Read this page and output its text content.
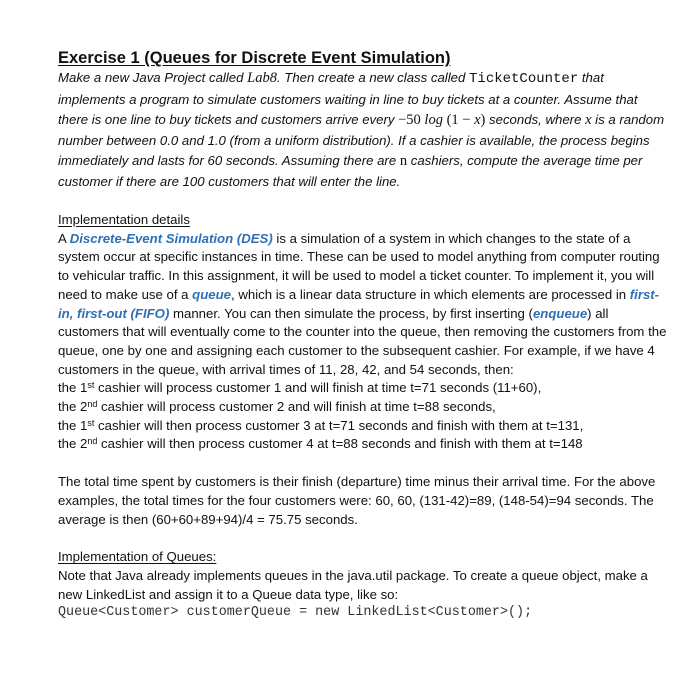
Exercise 1 (Queues for Discrete Event Simulation)

Make a new Java Project called Lab8. Then create a new class called TicketCounter that implements a program to simulate customers waiting in line to buy tickets at a counter. Assume that there is one line to buy tickets and customers arrive every −50 log (1 − x) seconds, where x is a random number between 0.0 and 1.0 (from a uniform distribution). If a cashier is available, the process begins immediately and lasts for 60 seconds. Assuming there are n cashiers, compute the average time per customer if there are 100 customers that will enter the line.

Implementation details

A Discrete-Event Simulation (DES) is a simulation of a system in which changes to the state of a system occur at specific instances in time. These can be used to model anything from computer routing to vehicular traffic. In this assignment, it will be used to model a ticket counter. To implement it, you will need to make use of a queue, which is a linear data structure in which elements are processed in first-in, first-out (FIFO) manner. You can then simulate the process, by first inserting (enqueue) all customers that will eventually come to the counter into the queue, then removing the customers from the queue, one by one and assigning each customer to the subsequent cashier. For example, if we have 4 customers in the queue, with arrival times of 11, 28, 42, and 54 seconds, then:

the 1st cashier will process customer 1 and will finish at time t=71 seconds (11+60),

the 2nd cashier will process customer 2 and will finish at time t=88 seconds,

the 1st cashier will then process customer 3 at t=71 seconds and finish with them at t=131,

the 2nd cashier will then process customer 4 at t=88 seconds and finish with them at t=148

The total time spent by customers is their finish (departure) time minus their arrival time. For the above examples, the total times for the four customers were: 60, 60, (131-42)=89, (148-54)=94 seconds. The average is then (60+60+89+94)/4 = 75.75 seconds.

Implementation of Queues:

Note that Java already implements queues in the java.util package. To create a queue object, make a new LinkedList and assign it to a Queue data type, like so:

Queue<Customer> customerQueue = new LinkedList<Customer>();
